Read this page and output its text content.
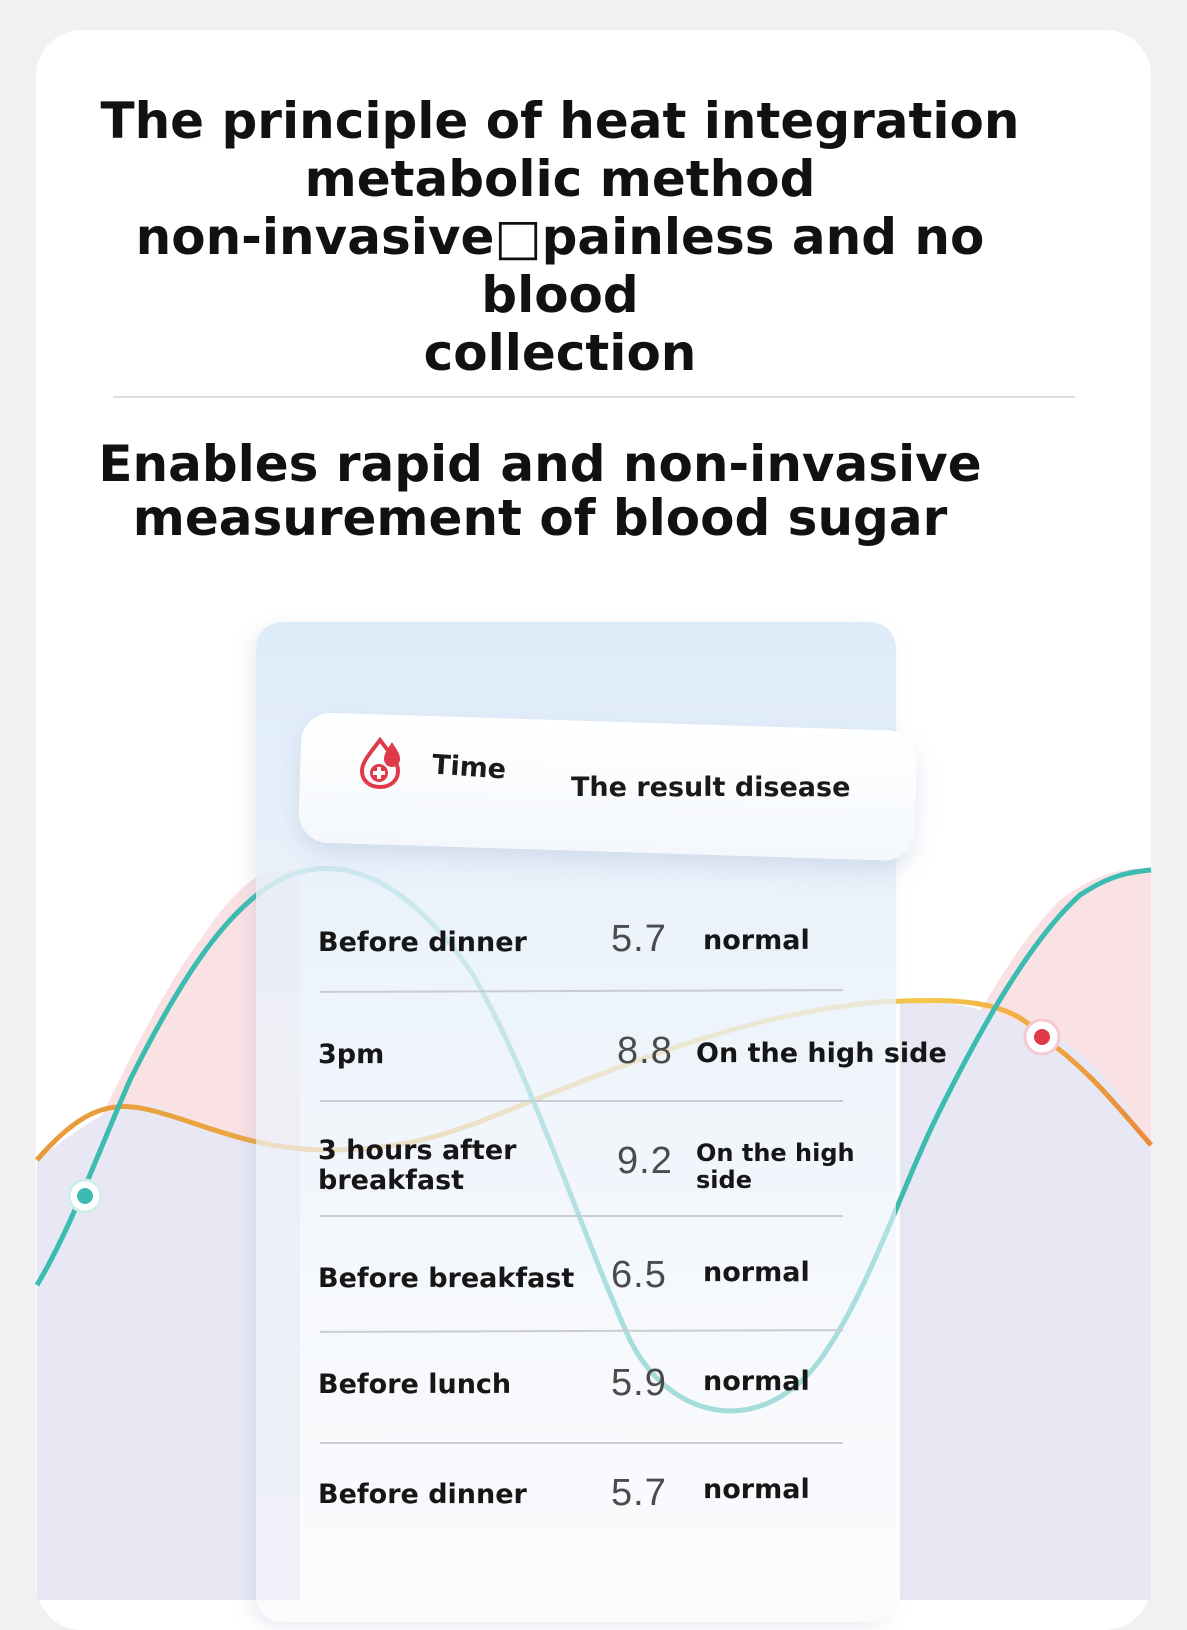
The principle of heat integration
metabolic method
non-invasive□painless and no blood
collection
Enables rapid and non-invasive
measurement of blood sugar
Time
The result disease
Before dinner 5.7 normal
3pm	8.8 On the high side
3 hours after
breakfast	9.2 On the high
side
Before breakfast 6.5 normal
Before lunch	5.9 normal
Before dinner 5.7 normal
